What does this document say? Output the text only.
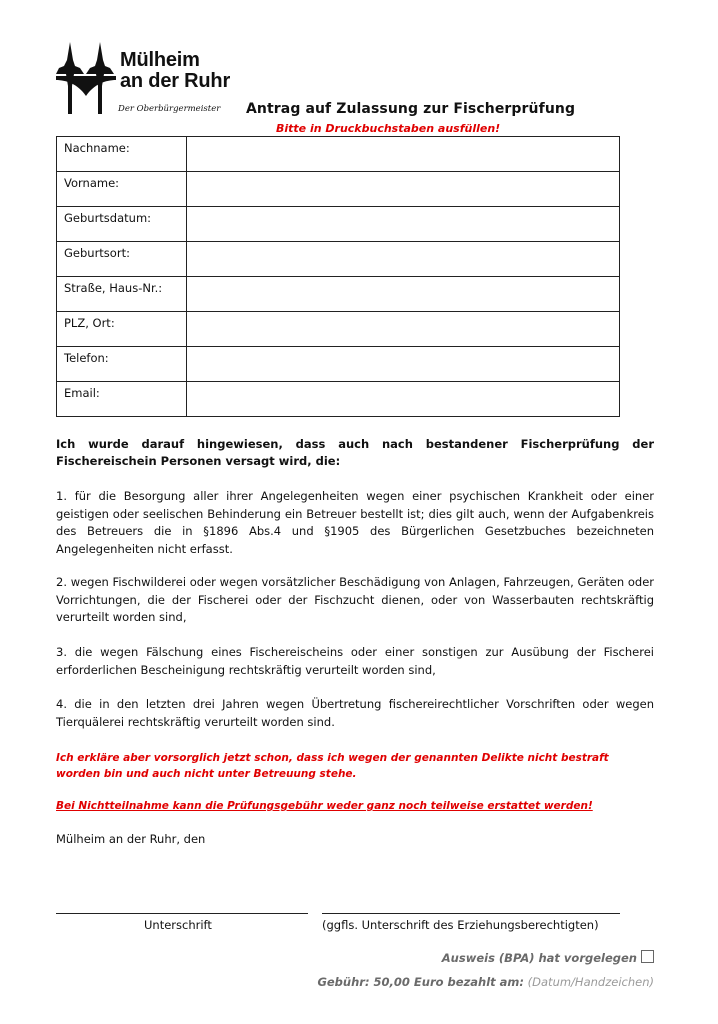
Mülheim
an der Ruhr
Der Oberbürgermeister Antrag auf Zulassung zur Fischerprüfung
Bitte in Druckbuchstaben ausfüllen!
Nachname:	
Vorname:	
Geburtsdatum:	
Geburtsort:	
Straße, Haus-Nr.:	
PLZ, Ort:	
Telefon:	
Email:	
Ich wurde darauf hingewiesen, dass auch nach bestandener Fischerprüfung der Fischereischein Personen versagt wird, die:
1. für die Besorgung aller ihrer Angelegenheiten wegen einer psychischen Krankheit oder einer geistigen oder seelischen Behinderung ein Betreuer bestellt ist; dies gilt auch, wenn der Aufgabenkreis des Betreuers die in §1896 Abs.4 und §1905 des Bürgerlichen Gesetzbuches bezeichneten Angelegenheiten nicht erfasst.
2. wegen Fischwilderei oder wegen vorsätzlicher Beschädigung von Anlagen, Fahrzeugen, Geräten oder Vorrichtungen, die der Fischerei oder der Fischzucht dienen, oder von Wasserbauten rechtskräftig verurteilt worden sind,
3. die wegen Fälschung eines Fischereischeins oder einer sonstigen zur Ausübung der Fischerei erforderlichen Bescheinigung rechtskräftig verurteilt worden sind,
4. die in den letzten drei Jahren wegen Übertretung fischereirechtlicher Vorschriften oder wegen Tierquälerei rechtskräftig verurteilt worden sind.
Ich erkläre aber vorsorglich jetzt schon, dass ich wegen der genannten Delikte nicht bestraft worden bin und auch nicht unter Betreuung stehe.
Bei Nichtteilnahme kann die Prüfungsgebühr weder ganz noch teilweise erstattet werden!
Mülheim an der Ruhr, den
Unterschrift	(ggfls. Unterschrift des Erziehungsberechtigten)
Ausweis (BPA) hat vorgelegen
Gebühr: 50,00 Euro bezahlt am: (Datum/Handzeichen)
